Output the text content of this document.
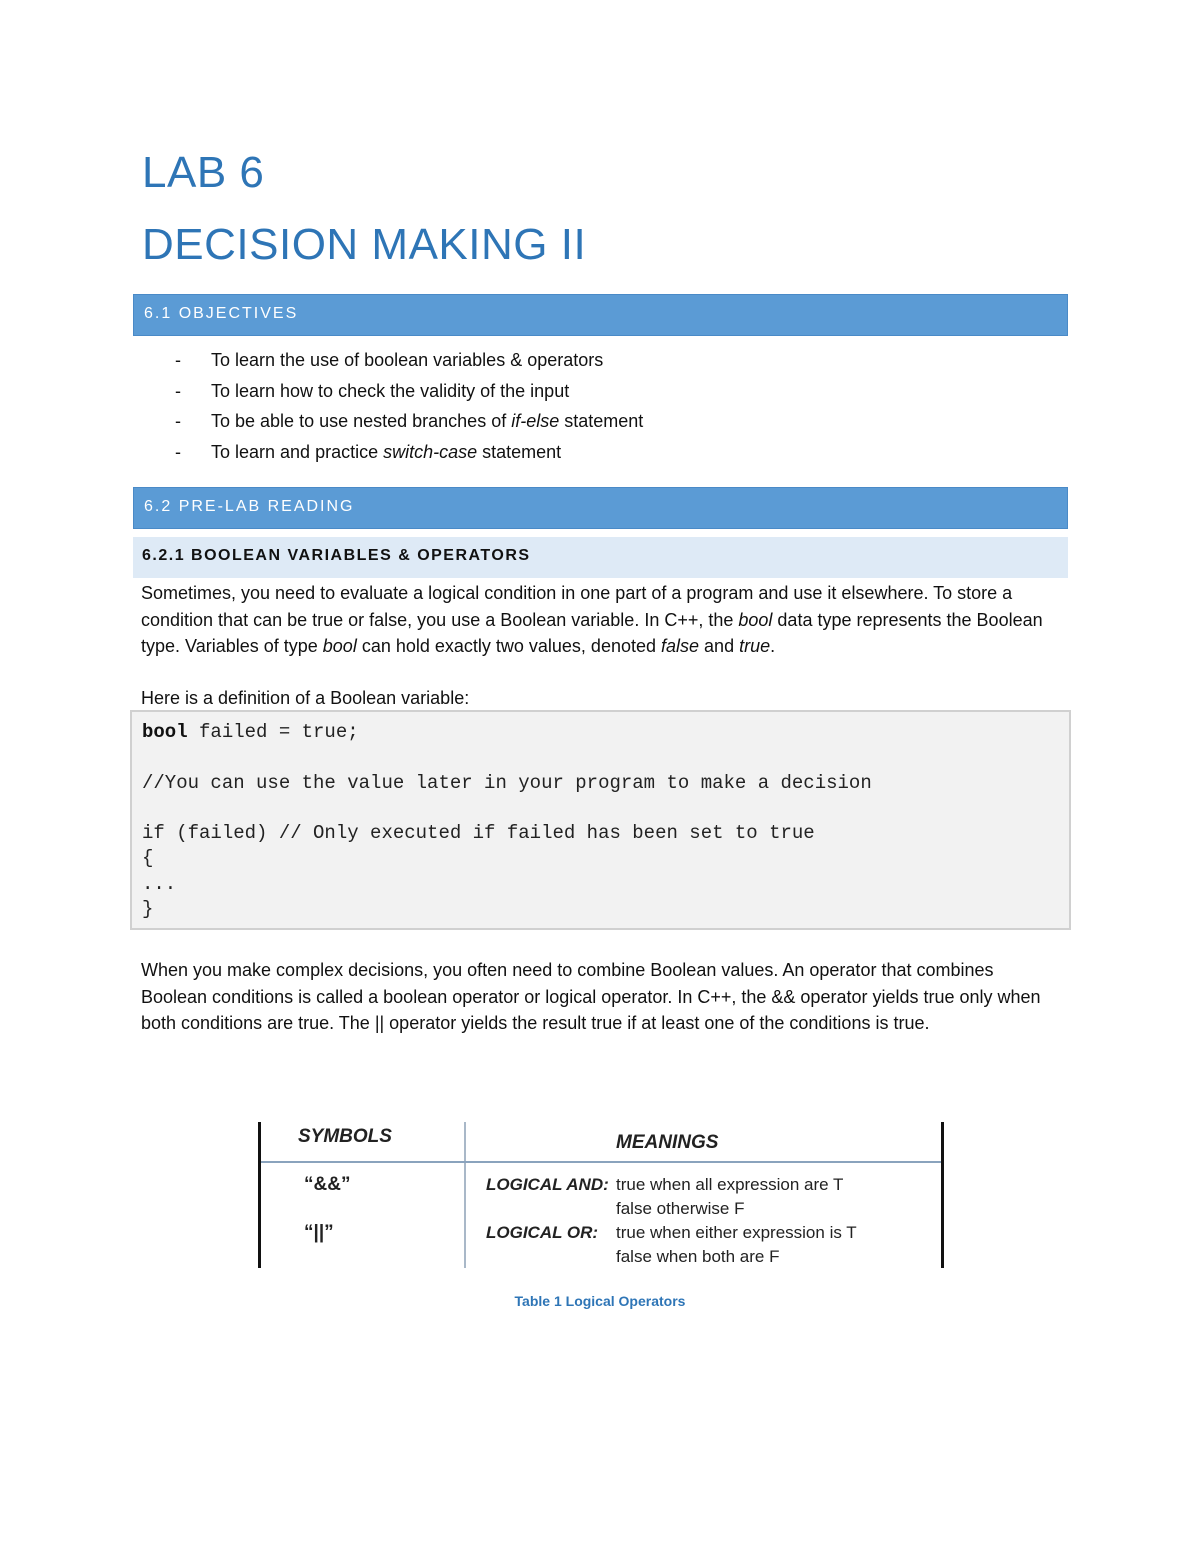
LAB 6
DECISION MAKING II
6.1 OBJECTIVES
-	To learn the use of boolean variables & operators
-	To learn how to check the validity of the input
-	To be able to use nested branches of if-else statement
-	To learn and practice switch-case statement
6.2 PRE-LAB READING
6.2.1 BOOLEAN VARIABLES & OPERATORS

Sometimes, you need to evaluate a logical condition in one part of a program and use it elsewhere. To store a condition that can be true or false, you use a Boolean variable. In C++, the bool data type represents the Boolean type. Variables of type bool can hold exactly two values, denoted false and true.

Here is a definition of a Boolean variable:

bool failed = true;

//You can use the value later in your program to make a decision

if (failed) // Only executed if failed has been set to true
{
...
}

When you make complex decisions, you often need to combine Boolean values. An operator that combines Boolean conditions is called a boolean operator or logical operator. In C++, the && operator yields true only when both conditions are true. The || operator yields the result true if at least one of the conditions is true.

SYMBOLS	MEANINGS
“&&”	LOGICAL AND: true when all expression are T
false otherwise F
“||”	LOGICAL OR: true when either expression is T
false when both are F
Table 1 Logical Operators
